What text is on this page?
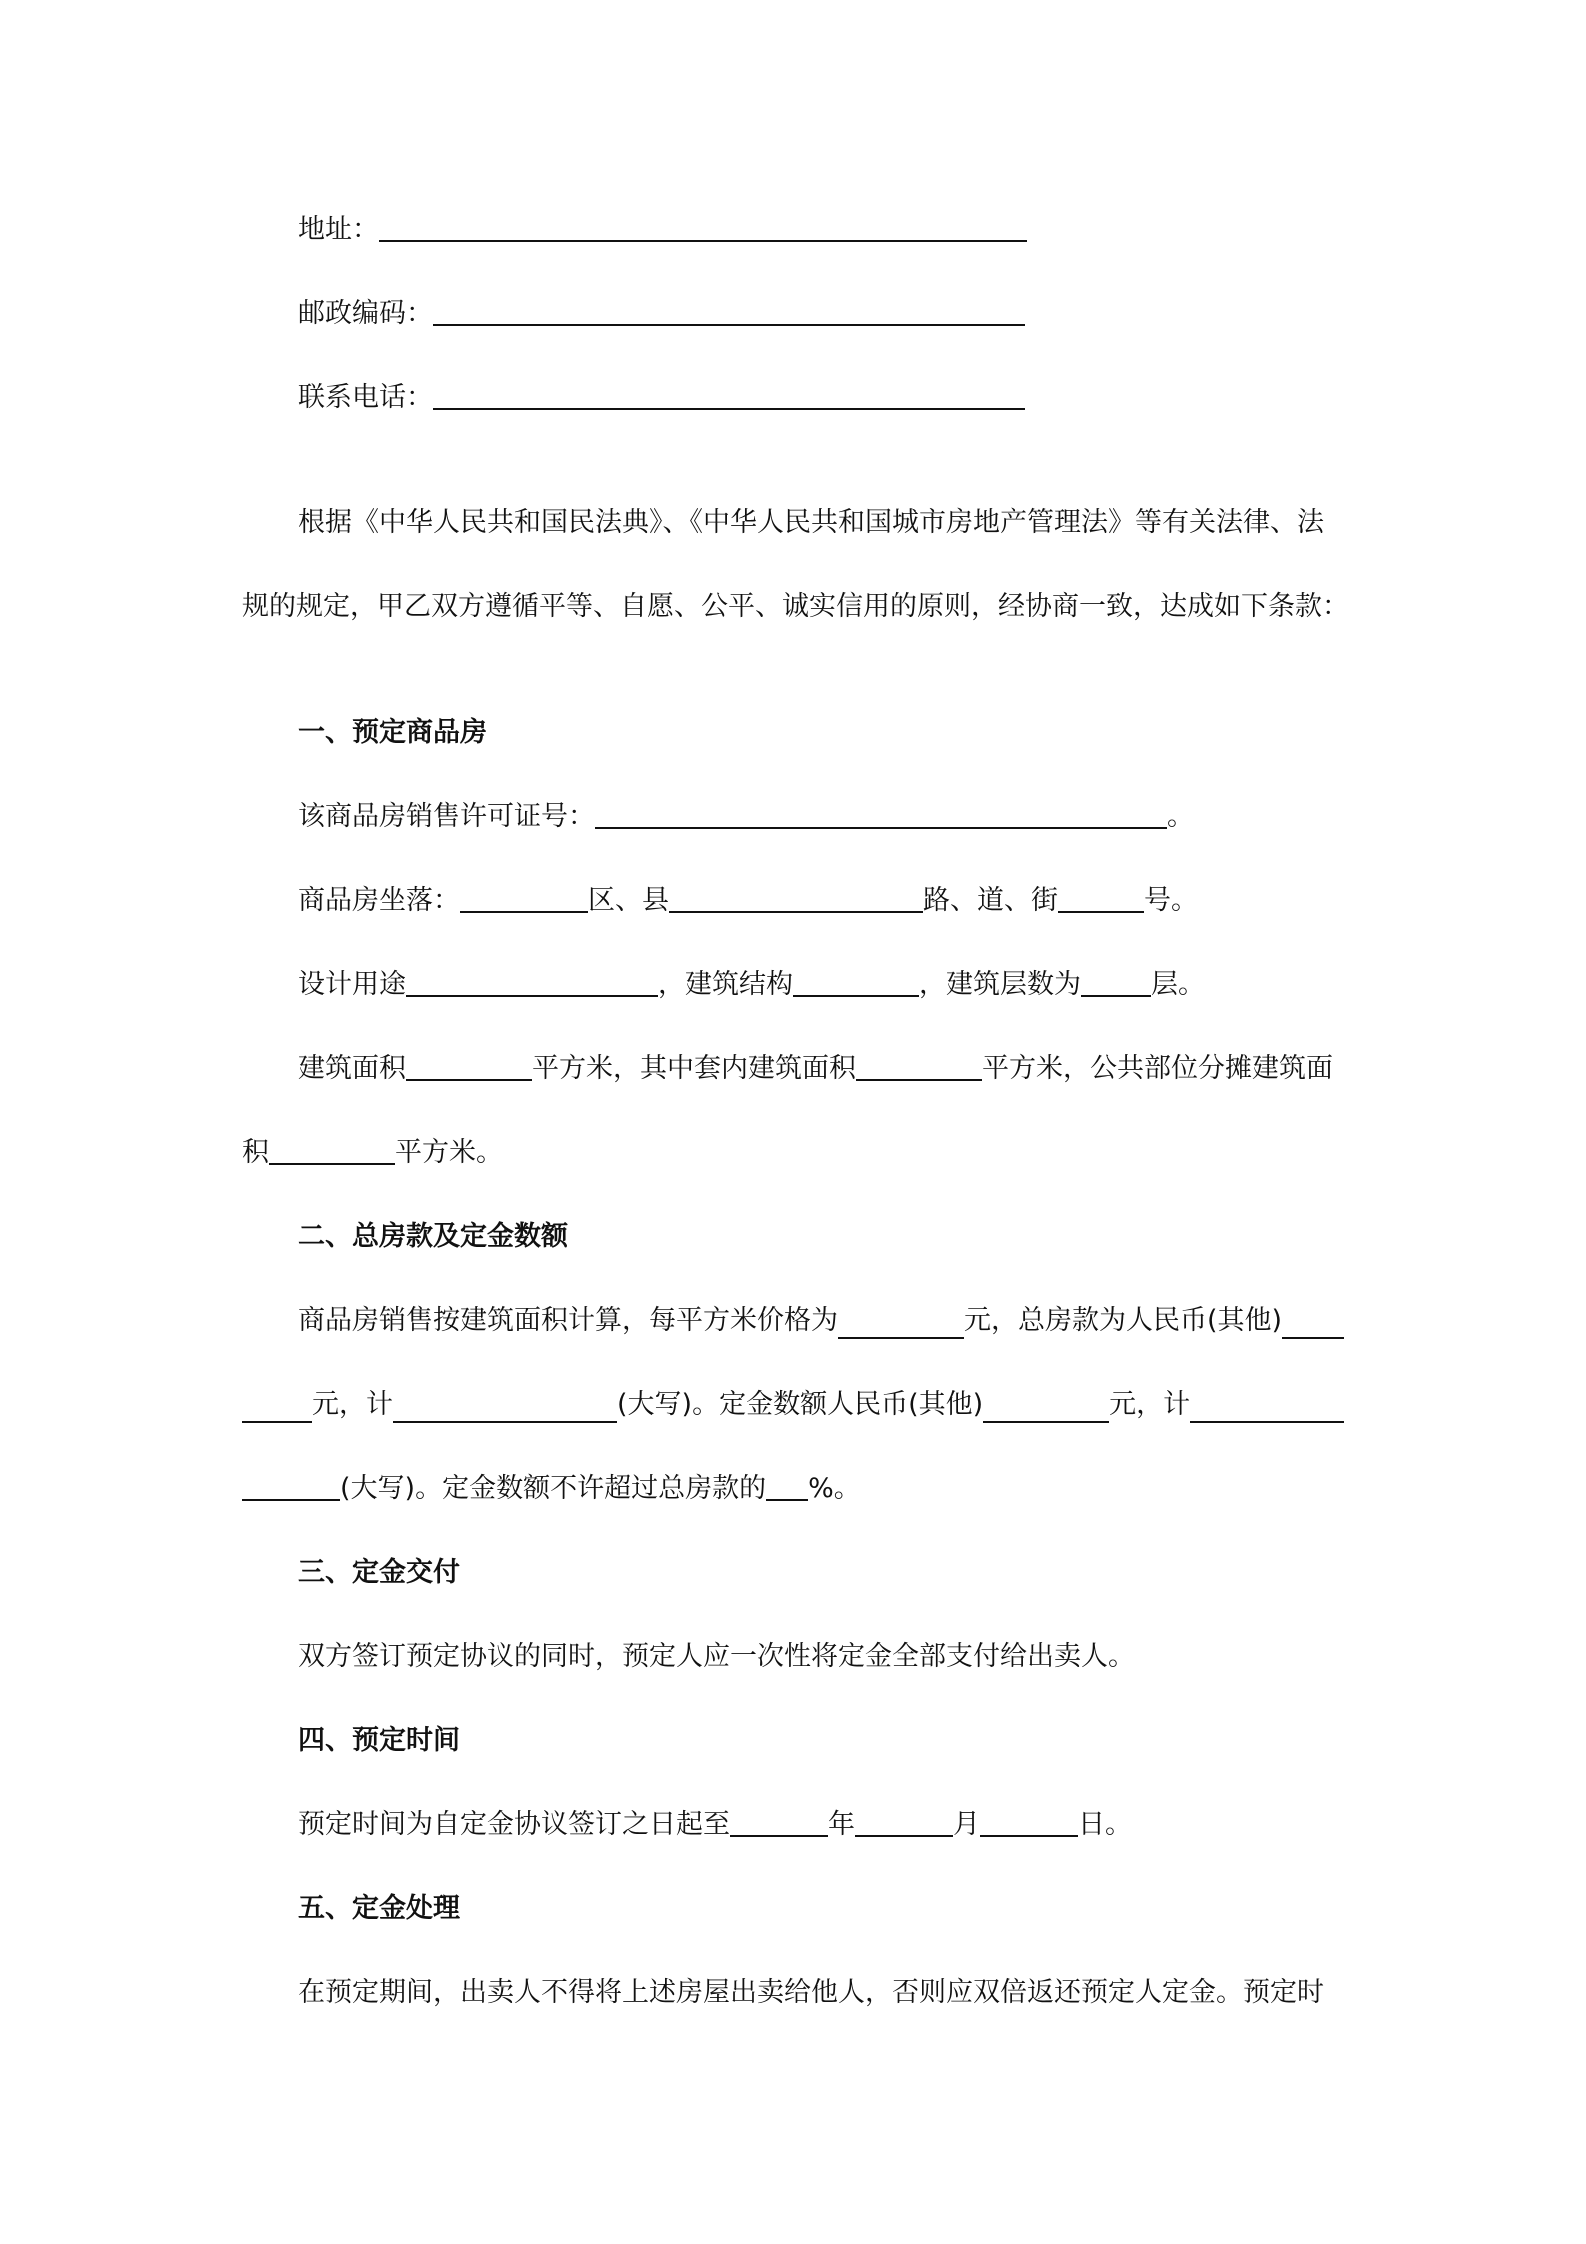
地址：
邮政编码：
联系电话：
根据《中华人民共和国民法典》、《中华人民共和国城市房地产管理法》等有关法律、法
规的规定，甲乙双方遵循平等、自愿、公平、诚实信用的原则，经协商一致，达成如下条款：
一、预定商品房
该商品房销售许可证号：	。
商品房坐落：	区、县	路、道、街	号。
设计用途	，建筑结构	，建筑层数为	层。
建筑面积	平方米，其中套内建筑面积	平方米，公共部位分摊建筑面
积	平方米。
二、总房款及定金数额
商品房销售按建筑面积计算，每平方米价格为	元，总房款为人民币(其他)
元，计	(大写)。定金数额人民币(其他)	元，计
(大写)。定金数额不许超过总房款的 %。
三、定金交付
双方签订预定协议的同时，预定人应一次性将定金全部支付给出卖人。
四、预定时间
预定时间为自定金协议签订之日起至	年	月	日。
五、定金处理
在预定期间，出卖人不得将上述房屋出卖给他人，否则应双倍返还预定人定金。预定时
